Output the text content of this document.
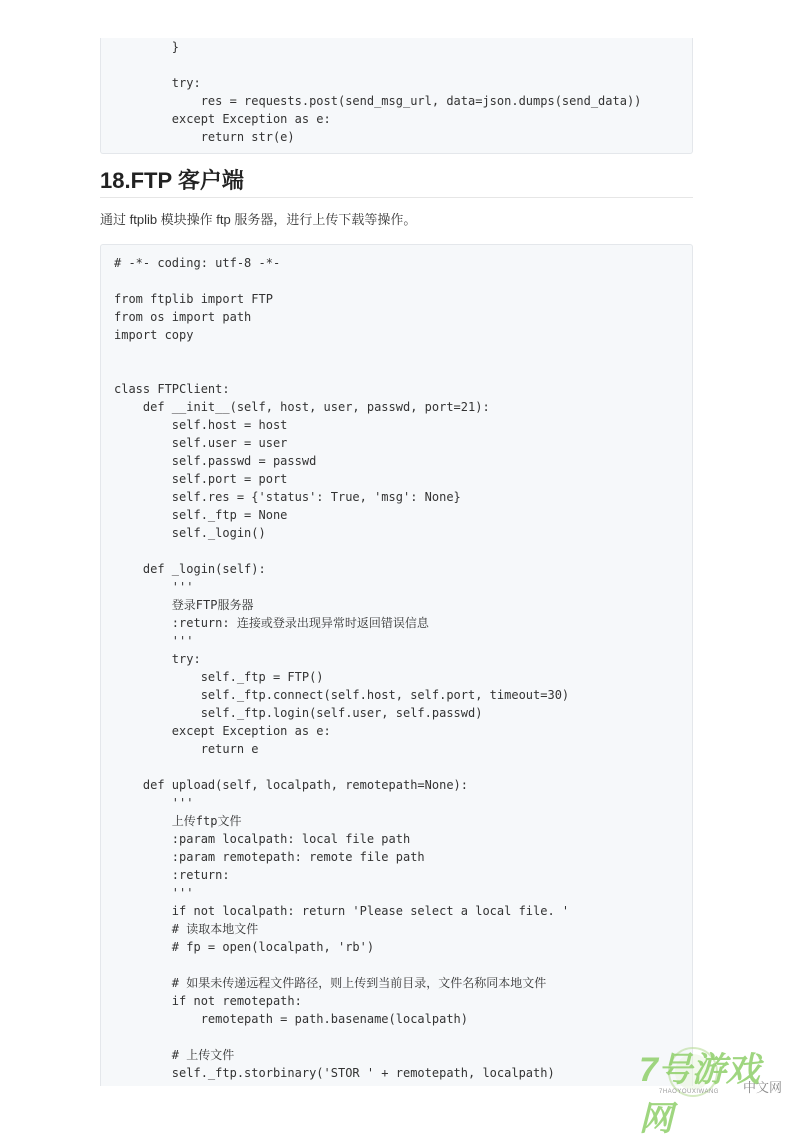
}
try:
res = requests.post(send_msg_url, data=json.dumps(send_data))
except Exception as e:
return str(e)
18.FTP 客户端
通过 ftplib 模块操作 ftp 服务器，进行上传下载等操作。
# -*- coding: utf-8 -*-
from ftplib import FTP
from os import path
import copy
class FTPClient:
def __init__(self, host, user, passwd, port=21):
self.host = host
self.user = user
self.passwd = passwd
self.port = port
self.res = {'status': True, 'msg': None}
self._ftp = None
self._login()
def _login(self):
'''
登录FTP服务器
:return: 连接或登录出现异常时返回错误信息
'''
try:
self._ftp = FTP()
self._ftp.connect(self.host, self.port, timeout=30)
self._ftp.login(self.user, self.passwd)
except Exception as e:
return e
def upload(self, localpath, remotepath=None):
'''
上传ftp文件
:param localpath: local file path
:param remotepath: remote file path
:return:
'''
if not localpath: return 'Please select a local file. '
# 读取本地文件
# fp = open(localpath, 'rb')
# 如果未传递远程文件路径，则上传到当前目录，文件名称同本地文件
if not remotepath:
remotepath = path.basename(localpath)
# 上传文件
self._ftp.storbinary('STOR ' + remotepath, localpath)	7号游戏网
7HAOYOUXIWANG 中文网
